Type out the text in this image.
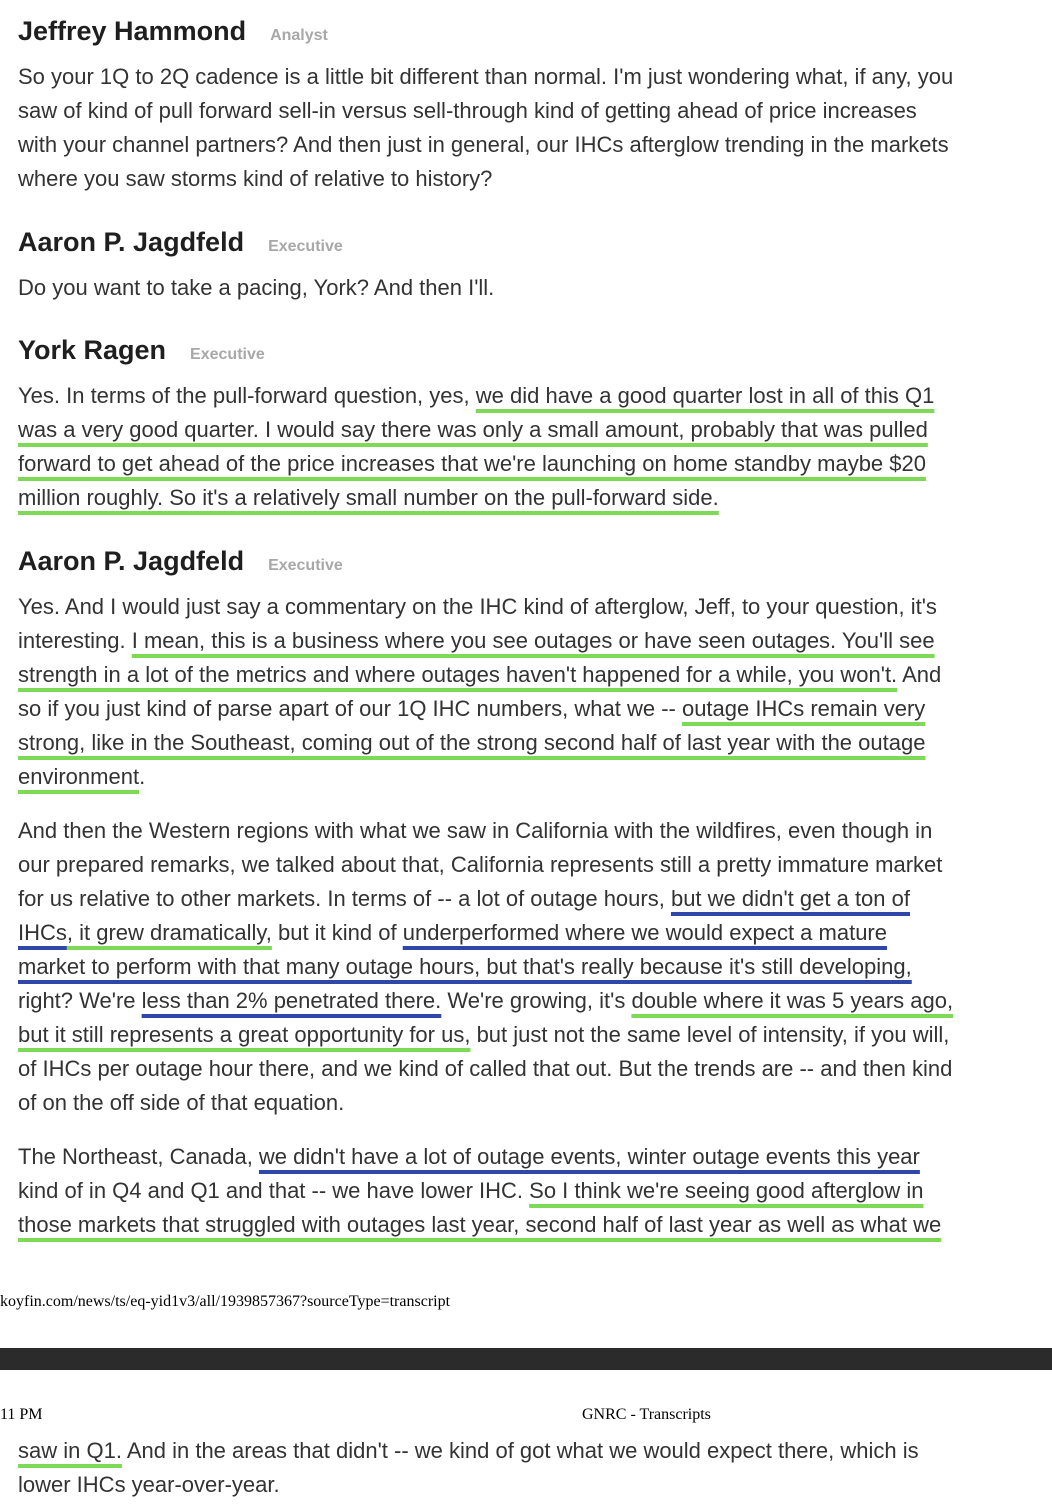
Jeffrey Hammond Analyst
So your 1Q to 2Q cadence is a little bit different than normal. I'm just wondering what, if any, you
saw of kind of pull forward sell-in versus sell-through kind of getting ahead of price increases
with your channel partners? And then just in general, our IHCs afterglow trending in the markets
where you saw storms kind of relative to history?
Aaron P. Jagdfeld Executive
Do you want to take a pacing, York? And then I'll.
York Ragen Executive
Yes. In terms of the pull-forward question, yes, we did have a good quarter lost in all of this Q1
was a very good quarter. I would say there was only a small amount, probably that was pulled
forward to get ahead of the price increases that we're launching on home standby maybe $20
million roughly. So it's a relatively small number on the pull-forward side.
Aaron P. Jagdfeld Executive
Yes. And I would just say a commentary on the IHC kind of afterglow, Jeff, to your question, it's
interesting. I mean, this is a business where you see outages or have seen outages. You'll see
strength in a lot of the metrics and where outages haven't happened for a while, you won't. And
so if you just kind of parse apart of our 1Q IHC numbers, what we -- outage IHCs remain very
strong, like in the Southeast, coming out of the strong second half of last year with the outage
environment.
And then the Western regions with what we saw in California with the wildfires, even though in
our prepared remarks, we talked about that, California represents still a pretty immature market
for us relative to other markets. In terms of -- a lot of outage hours, but we didn't get a ton of
IHCs, it grew dramatically, but it kind of underperformed where we would expect a mature
market to perform with that many outage hours, but that's really because it's still developing,
right? We're less than 2% penetrated there. We're growing, it's double where it was 5 years ago,
but it still represents a great opportunity for us, but just not the same level of intensity, if you will,
of IHCs per outage hour there, and we kind of called that out. But the trends are -- and then kind
of on the off side of that equation.
The Northeast, Canada, we didn't have a lot of outage events, winter outage events this year
kind of in Q4 and Q1 and that -- we have lower IHC. So I think we're seeing good afterglow in
those markets that struggled with outages last year, second half of last year as well as what we
koyfin.com/news/ts/eq-yid1v3/all/1939857367?sourceType=transcript
11 PM	GNRC - Transcripts
saw in Q1. And in the areas that didn't -- we kind of got what we would expect there, which is
lower IHCs year-over-year.
